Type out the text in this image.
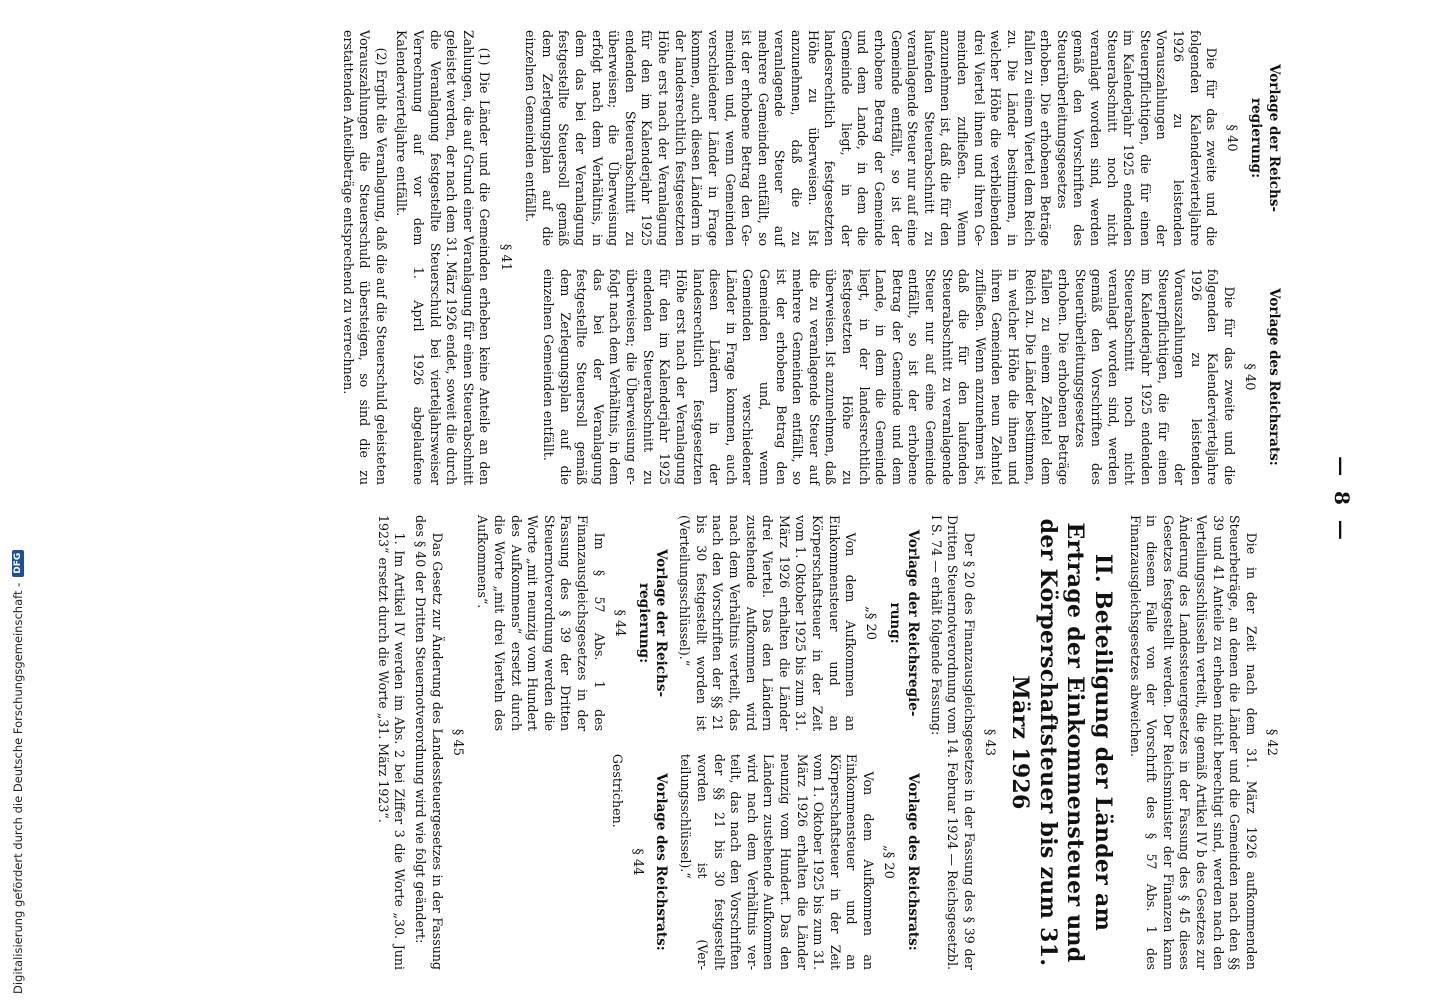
— 8 —
Vorlage der Reichsregierung:
§ 40

Die für das zweite und die folgenden Kalendervierteljahre 1926 zu leistenden Vorauszahlungen der Steuerpflichtigen, die für einen im Kalenderjahr 1925 endenden Steuerabschnitt noch nicht veranlagt worden sind, werden gemäß den Vorschriften des Steuerüberleitungsgesetzes erhoben. Die erhobenen Beträge fallen zu einem Viertel dem Reich zu. Die Länder bestimmen, in welcher Höhe die verbleibenden drei Viertel ihnen und ihren Gemeinden zufließen. Wenn anzunehmen ist, daß die für den laufenden Steuerabschnitt zu veranlagende Steuer nur auf eine Gemeinde entfällt, so ist der erhobene Betrag der Gemeinde und dem Lande, in dem die Gemeinde liegt, in der landesrechtlich festgesetzten Höhe zu überweisen. Ist anzunehmen, daß die zu veranlagende Steuer auf mehrere Gemeinden entfällt, so ist der erhobene Betrag den Gemeinden und, wenn Gemeinden verschiedener Länder in Frage kommen, auch diesen Ländern in der landesrechtlich festgesetzten Höhe erst nach der Veranlagung für den im Kalenderjahr 1925 endenden Steuerabschnitt zu überweisen; die Überweisung erfolgt nach dem Verhältnis, in dem das bei der Veranlagung festgestellte Steuersoll gemäß dem Zerlegungsplan auf die einzelnen Gemeinden entfällt.

Vorlage des Reichsrats:
§ 40

Die für das zweite und die folgenden Kalendervierteljahre 1926 zu leistenden Vorauszahlungen der Steuerpflichtigen, die für einen im Kalenderjahr 1925 endenden Steuerabschnitt noch nicht veranlagt worden sind, werden gemäß den Vorschriften des Steuerüberleitungsgesetzes erhoben. Die erhobenen Beträge fallen zu einem Zehntel dem Reich zu. Die Länder bestimmen, in welcher Höhe die ihnen und ihren Gemeinden neun Zehntel zufließen. Wenn anzunehmen ist, daß die für den laufenden Steuerabschnitt zu veranlagende Steuer nur auf eine Gemeinde entfällt, so ist der erhobene Betrag der Gemeinde und dem Lande, in dem die Gemeinde liegt, in der landesrechtlich festgesetzten Höhe zu überweisen. Ist anzunehmen, daß die zu veranlagende Steuer auf mehrere Gemeinden entfällt, so ist der erhobene Betrag den Gemeinden und, wenn Gemeinden verschiedener Länder in Frage kommen, auch diesen Ländern in der landesrechtlich festgesetzten Höhe erst nach der Veranlagung für den im Kalenderjahr 1925 endenden Steuerabschnitt zu überweisen; die Überweisung erfolgt nach dem Verhältnis, in dem das bei der Veranlagung festgestellte Steuersoll gemäß dem Zerlegungsplan auf die einzelnen Gemeinden entfällt.

§ 41

(1) Die Länder und die Gemeinden erheben keine Anteile an den Zahlungen, die auf Grund einer Veranlagung für einen Steuerabschnitt geleistet werden, der nach dem 31. März 1926 endet, soweit die durch die Veranlagung festgestellte Steuerschuld bei vierteljahrsweiser Verrechnung auf vor dem 1. April 1926 abgelaufene Kalendervierteljahre entfällt.

(2) Ergibt die Veranlagung, daß die auf die Steuerschuld geleisteten Vorauszahlungen die Steuerschuld übersteigen, so sind die zu erstattenden Anteilbeträge entsprechend zu verrechnen.

§ 42

Die in der Zeit nach dem 31. März 1926 aufkommenden Steuerbeträge, an denen die Länder und die Gemeinden nach den §§ 39 und 41 Anteile zu erheben nicht berechtigt sind, werden nach den Verteilungsschlüsseln verteilt, die gemäß Artikel IV b des Gesetzes zur Änderung des Landessteuergesetzes in der Fassung des § 45 dieses Gesetzes festgestellt werden. Der Reichsminister der Finanzen kann in diesem Falle von der Vorschrift des § 57 Abs. 1 des Finanzausgleichsgesetzes abweichen.

II. Beteiligung der Länder am Ertrage der Einkommensteuer und der Körperschaftsteuer bis zum 31. März 1926
§ 43

Der § 20 des Finanzausgleichsgesetzes in der Fassung des § 39 der Dritten Steuernotverordnung vom 14. Februar 1924 — Reichsgesetzbl. I S. 74 — erhält folgende Fassung:

Vorlage der Reichsregierung:
„§ 20

Von dem Aufkommen an Einkommensteuer und an Körperschaftsteuer in der Zeit vom 1. Oktober 1925 bis zum 31. März 1926 erhalten die Länder drei Viertel. Das den Ländern zustehende Aufkommen wird nach dem Verhältnis verteilt, das nach den Vorschriften der §§ 21 bis 30 festgestellt worden ist (Verteilungsschlüssel).“

Vorlage des Reichsrats:
„§ 20

Von dem Aufkommen an Einkommensteuer und an Körperschaftsteuer in der Zeit vom 1. Oktober 1925 bis zum 31. März 1926 erhalten die Länder neunzig vom Hundert. Das den Ländern zustehende Aufkommen wird nach dem Verhältnis verteilt, das nach den Vorschriften der §§ 21 bis 30 festgestellt worden ist (Verteilungsschlüssel).“

Vorlage der Reichsregierung:
§ 44

Im § 57 Abs. 1 des Finanzausgleichsgesetzes in der Fassung des § 39 der Dritten Steuernotverordnung werden die Worte „mit neunzig vom Hundert des Aufkommens“ ersetzt durch die Worte „mit drei Vierteln des Aufkommens“.

Vorlage des Reichsrats:
§ 44

Gestrichen.

§ 45

Das Gesetz zur Änderung des Landessteuergesetzes in der Fassung des § 40 der Dritten Steuernotverordnung wird wie folgt geändert:

1. Im Artikel IV werden im Abs. 2 bei Ziffer 3 die Worte „30. Juni 1923“ ersetzt durch die Worte „31. März 1923“.

Digitalisierung gefördert durch die Deutsche Forschungsgemeinschaft -
DFG
